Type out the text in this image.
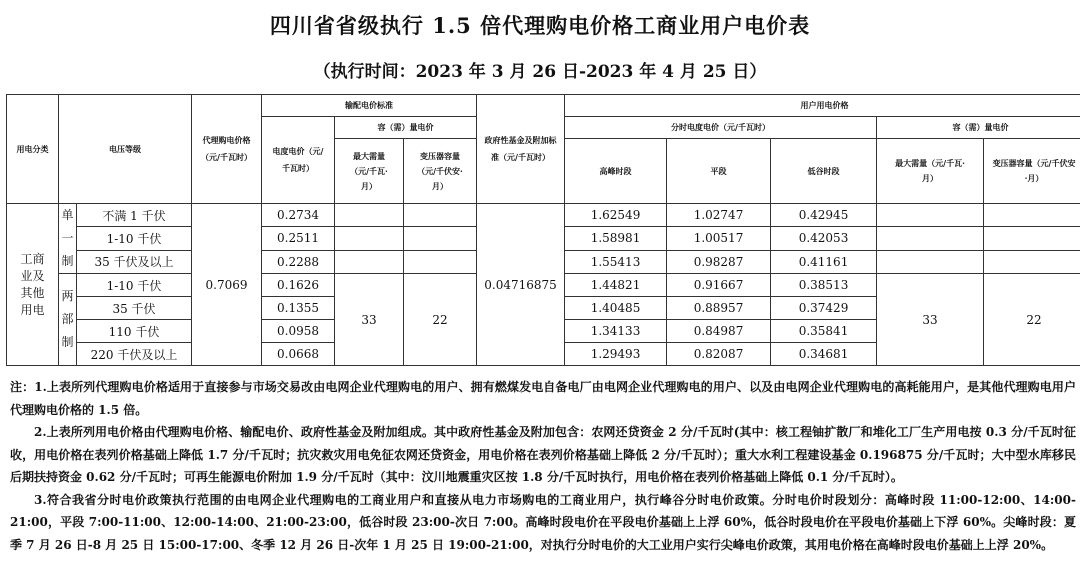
四川省省级执行 1.5 倍代理购电价格工商业用户电价表
（执行时间：2023 年 3 月 26 日-2023 年 4 月 25 日）
用电分类	电压等级		代理购电价格（元/千瓦时）	输配电价标准			政府性基金及附加标准（元/千瓦时）	用户用电价格				
				电度电价（元/千瓦时）	容（需）量电价			分时电度电价（元/千瓦时）			容（需）量电价	
					最大需量（元/千瓦·月）	变压器容量（元/千伏安·月）		高峰时段	平段	低谷时段	最大需量（元/千瓦·月）	变压器容量（元/千伏安·月）
工商业及其他用电	单一制	不满 1 千伏	0.7069	0.2734			0.04716875	1.62549	1.02747	0.42945		
		1-10 千伏		0.2511				1.58981	1.00517	0.42053		
		35 千伏及以上		0.2288				1.55413	0.98287	0.41161		
	两部制	1-10 千伏		0.1626	33	22		1.44821	0.91667	0.38513	33	22
		35 千伏		0.1355				1.40485	0.88957	0.37429		
		110 千伏		0.0958				1.34133	0.84987	0.35841		
		220 千伏及以上		0.0668				1.29493	0.82087	0.34681		

注：1.上表所列代理购电价格适用于直接参与市场交易改由电网企业代理购电的用户、拥有燃煤发电自备电厂由电网企业代理购电的用户、以及由电网企业代理购电的高耗能用户，是其他代理购电用户代理购电价格的 1.5 倍。

2.上表所列用电价格由代理购电价格、输配电价、政府性基金及附加组成。其中政府性基金及附加包含：农网还贷资金 2 分/千瓦时(其中：核工程铀扩散厂和堆化工厂生产用电按 0.3 分/千瓦时征收，用电价格在表列价格基础上降低 1.7 分/千瓦时；抗灾救灾用电免征农网还贷资金，用电价格在表列价格基础上降低 2 分/千瓦时）；重大水利工程建设基金 0.196875 分/千瓦时；大中型水库移民后期扶持资金 0.62 分/千瓦时；可再生能源电价附加 1.9 分/千瓦时（其中：汶川地震重灾区按 1.8 分/千瓦时执行，用电价格在表列价格基础上降低 0.1 分/千瓦时）。

3.符合我省分时电价政策执行范围的由电网企业代理购电的工商业用户和直接从电力市场购电的工商业用户，执行峰谷分时电价政策。分时电价时段划分：高峰时段 11:00-12:00、14:00-21:00，平段 7:00-11:00、12:00-14:00、21:00-23:00，低谷时段 23:00-次日 7:00。高峰时段电价在平段电价基础上上浮 60%，低谷时段电价在平段电价基础上下浮 60%。尖峰时段：夏季 7 月 26 日-8 月 25 日 15:00-17:00、冬季 12 月 26 日-次年 1 月 25 日 19:00-21:00，对执行分时电价的大工业用户实行尖峰电价政策，其用电价格在高峰时段电价基础上上浮 20%。
